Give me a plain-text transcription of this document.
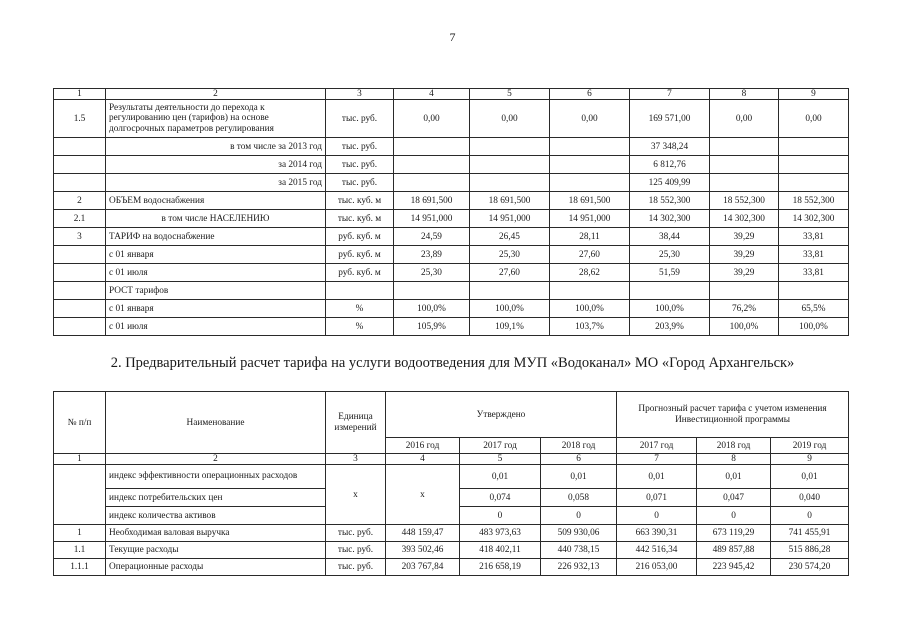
7
1	2	3	4	5	6	7	8	9
1.5	Результаты деятельности до перехода к регулированию цен (тарифов) на основе долгосрочных параметров регулирования	тыс. руб.	0,00	0,00	0,00	169 571,00	0,00	0,00
	в том числе за 2013 год	тыс. руб.				37 348,24		
	за 2014 год	тыс. руб.				6 812,76		
	за 2015 год	тыс. руб.				125 409,99		
2	ОБЪЕМ водоснабжения	тыс. куб. м	18 691,500	18 691,500	18 691,500	18 552,300	18 552,300	18 552,300
2.1	в том числе НАСЕЛЕНИЮ	тыс. куб. м	14 951,000	14 951,000	14 951,000	14 302,300	14 302,300	14 302,300
3	ТАРИФ на водоснабжение	руб. куб. м	24,59	26,45	28,11	38,44	39,29	33,81
	с 01 января	руб. куб. м	23,89	25,30	27,60	25,30	39,29	33,81
	с 01 июля	руб. куб. м	25,30	27,60	28,62	51,59	39,29	33,81
	РОСТ тарифов							
	с 01 января	%	100,0%	100,0%	100,0%	100,0%	76,2%	65,5%
	с 01 июля	%	105,9%	109,1%	103,7%	203,9%	100,0%	100,0%
2. Предварительный расчет тарифа на услуги водоотведения для МУП «Водоканал» МО «Город Архангельск»
№ п/п	Наименование	Единица измерений	Утверждено			Прогнозный расчет тарифа с учетом изменения Инвестиционной программы		
			2016 год	2017 год	2018 год	2017 год	2018 год	2019 год
1	2	3	4	5	6	7	8	9
	индекс эффективности операционных расходов	х	х	0,01	0,01	0,01	0,01	0,01
	индекс потребительских цен			0,074	0,058	0,071	0,047	0,040
	индекс количества активов			0	0	0	0	0
1	Необходимая валовая выручка	тыс. руб.	448 159,47	483 973,63	509 930,06	663 390,31	673 119,29	741 455,91
1.1	Текущие расходы	тыс. руб.	393 502,46	418 402,11	440 738,15	442 516,34	489 857,88	515 886,28
1.1.1	Операционные расходы	тыс. руб.	203 767,84	216 658,19	226 932,13	216 053,00	223 945,42	230 574,20
